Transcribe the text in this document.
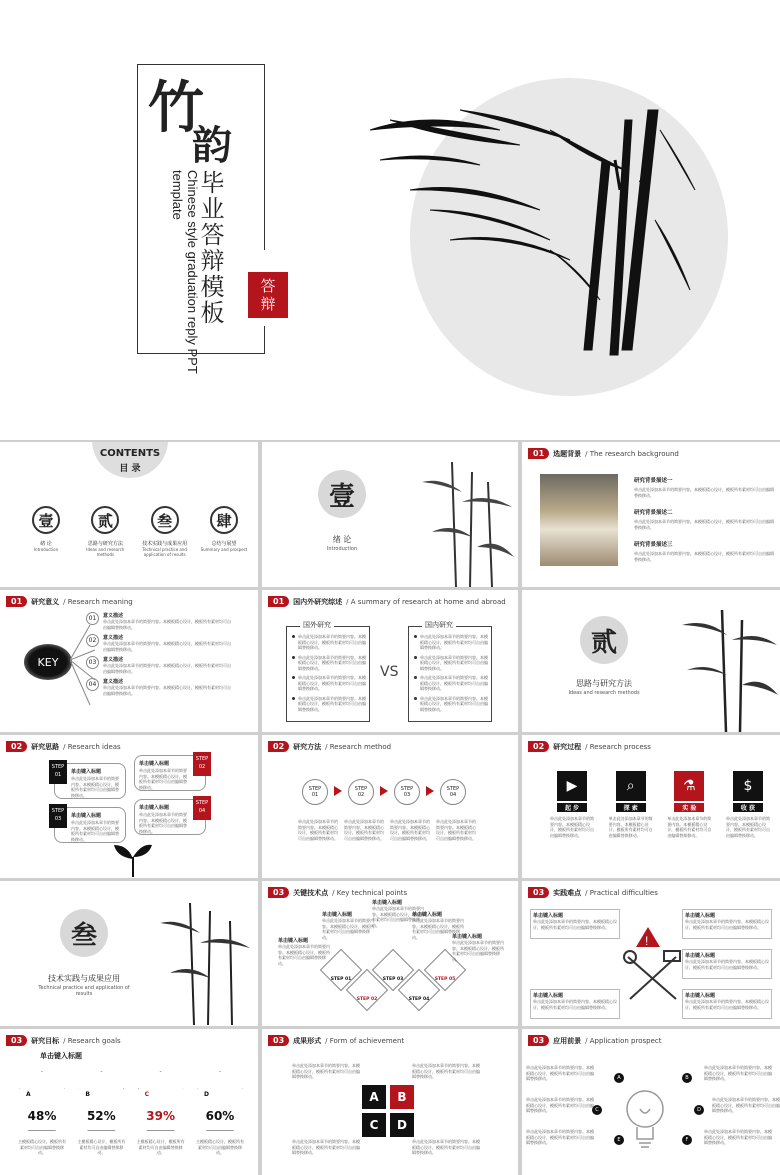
竹
韵
毕业答辩模板
Chinese style graduation reply PPT template
答
辩
CONTENTS
目 录
壹
绪 论
Introduction
贰
思路与研究方法
Ideas and research methods
叁
技术实践与成果应用
Technical practice and application of results
肆
总结与展望
Summary and prospect
壹
绪 论
Introduction
01	选题背景 / The research background
研究背景描述一
单击此处添加本章节的简要内容。本模板精心设计，模板所有素材均可自由编辑替换移动。
研究背景描述二
单击此处添加本章节的简要内容。本模板精心设计，模板所有素材均可自由编辑替换移动。
研究背景描述三
单击此处添加本章节的简要内容。本模板精心设计，模板所有素材均可自由编辑替换移动。
01	研究意义 / Research meaning
KEY
01	意义描述
单击此处添加本章节的简要内容。本模板精心设计，模板所有素材均可自由编辑替换移动。
02	意义描述
单击此处添加本章节的简要内容。本模板精心设计，模板所有素材均可自由编辑替换移动。
03	意义描述
单击此处添加本章节的简要内容。本模板精心设计，模板所有素材均可自由编辑替换移动。
04	意义描述
单击此处添加本章节的简要内容。本模板精心设计，模板所有素材均可自由编辑替换移动。
01	国内外研究综述 / A summary of research at home and abroad
国外研究	国内研究
VS
单击此处添加本章节的简要内容。本模板精心设计，模板所有素材均可自由编辑替换移动。
单击此处添加本章节的简要内容。本模板精心设计，模板所有素材均可自由编辑替换移动。
单击此处添加本章节的简要内容。本模板精心设计，模板所有素材均可自由编辑替换移动。
单击此处添加本章节的简要内容。本模板精心设计，模板所有素材均可自由编辑替换移动。
单击此处添加本章节的简要内容。本模板精心设计，模板所有素材均可自由编辑替换移动。
单击此处添加本章节的简要内容。本模板精心设计，模板所有素材均可自由编辑替换移动。
单击此处添加本章节的简要内容。本模板精心设计，模板所有素材均可自由编辑替换移动。
单击此处添加本章节的简要内容。本模板精心设计，模板所有素材均可自由编辑替换移动。
贰
思路与研究方法
Ideas and research methods
02	研究思路 / Research ideas
STEP 01	单击键入标题
单击此处添加本章节的简要内容。本模板精心设计，模板所有素材均可自由编辑替换移动。
STEP 02
单击键入标题
单击此处添加本章节的简要内容。本模板精心设计，模板所有素材均可自由编辑替换移动。
STEP 03	单击键入标题
单击此处添加本章节的简要内容。本模板精心设计，模板所有素材均可自由编辑替换移动。
STEP 04
单击键入标题
单击此处添加本章节的简要内容。本模板精心设计，模板所有素材均可自由编辑替换移动。
02	研究方法 / Research method
STEP 01
单击此处添加本章节的简要内容。本模板精心设计，模板所有素材均可自由编辑替换移动。
STEP 02
单击此处添加本章节的简要内容。本模板精心设计，模板所有素材均可自由编辑替换移动。
STEP 03
单击此处添加本章节的简要内容。本模板精心设计，模板所有素材均可自由编辑替换移动。
STEP 04
单击此处添加本章节的简要内容。本模板精心设计，模板所有素材均可自由编辑替换移动。
02	研究过程 / Research process
▶
起 步
单击此处添加本章节的简要内容。本模板精心设计，模板所有素材均可自由编辑替换移动。
⌕
探 索
单击此处添加本章节的简要内容。本模板精心设计，模板所有素材均可自由编辑替换移动。
⚗
实 验
单击此处添加本章节的简要内容。本模板精心设计，模板所有素材均可自由编辑替换移动。
$
收 获
单击此处添加本章节的简要内容。本模板精心设计，模板所有素材均可自由编辑替换移动。
叁
技术实践与成果应用
Technical practice and application of results
03	关键技术点 / Key technical points
STEP 01
STEP 02
STEP 03
STEP 04
STEP 05
单击键入标题
单击此处添加本章节的简要内容。本模板精心设计，模板所有素材均可自由编辑替换移动。
单击键入标题
单击此处添加本章节的简要内容。本模板精心设计，模板所有素材均可自由编辑替换移动。
单击键入标题
单击此处添加本章节的简要内容。本模板精心设计，模板所有素材均可自由编辑替换移动。
单击键入标题
单击此处添加本章节的简要内容。本模板精心设计，模板所有素材均可自由编辑替换移动。
单击键入标题
单击此处添加本章节的简要内容。本模板精心设计，模板所有素材均可自由编辑替换移动。
03	实践难点 / Practical difficulties
单击键入标题
单击此处添加本章节的简要内容。本模板精心设计，模板所有素材均可自由编辑替换移动。
单击键入标题
单击此处添加本章节的简要内容。本模板精心设计，模板所有素材均可自由编辑替换移动。
单击键入标题
单击此处添加本章节的简要内容。本模板精心设计，模板所有素材均可自由编辑替换移动。
单击键入标题
单击此处添加本章节的简要内容。本模板精心设计，模板所有素材均可自由编辑替换移动。
单击键入标题
单击此处添加本章节的简要内容。本模板精心设计，模板所有素材均可自由编辑替换移动。
!
03	研究目标 / Research goals
单击键入标题
A
48%
主模板精心设计，模板所有素材均可自由编辑替换移动。
B
52%
主模板精心设计，模板所有素材均可自由编辑替换移动。
C
39%
主模板精心设计，模板所有素材均可自由编辑替换移动。
D
60%
主模板精心设计，模板所有素材均可自由编辑替换移动。
03	成果形式 / Form of achievement
A	B
C	D
单击此处添加本章节的简要内容。本模板精心设计，模板所有素材均可自由编辑替换移动。
单击此处添加本章节的简要内容。本模板精心设计，模板所有素材均可自由编辑替换移动。
单击此处添加本章节的简要内容。本模板精心设计，模板所有素材均可自由编辑替换移动。
单击此处添加本章节的简要内容。本模板精心设计，模板所有素材均可自由编辑替换移动。
03	应用前景 / Application prospect
A	B
C	D
E	F
单击此处添加本章节的简要内容。本模板精心设计，模板所有素材均可自由编辑替换移动。
单击此处添加本章节的简要内容。本模板精心设计，模板所有素材均可自由编辑替换移动。
单击此处添加本章节的简要内容。本模板精心设计，模板所有素材均可自由编辑替换移动。
单击此处添加本章节的简要内容。本模板精心设计，模板所有素材均可自由编辑替换移动。
单击此处添加本章节的简要内容。本模板精心设计，模板所有素材均可自由编辑替换移动。
单击此处添加本章节的简要内容。本模板精心设计，模板所有素材均可自由编辑替换移动。
